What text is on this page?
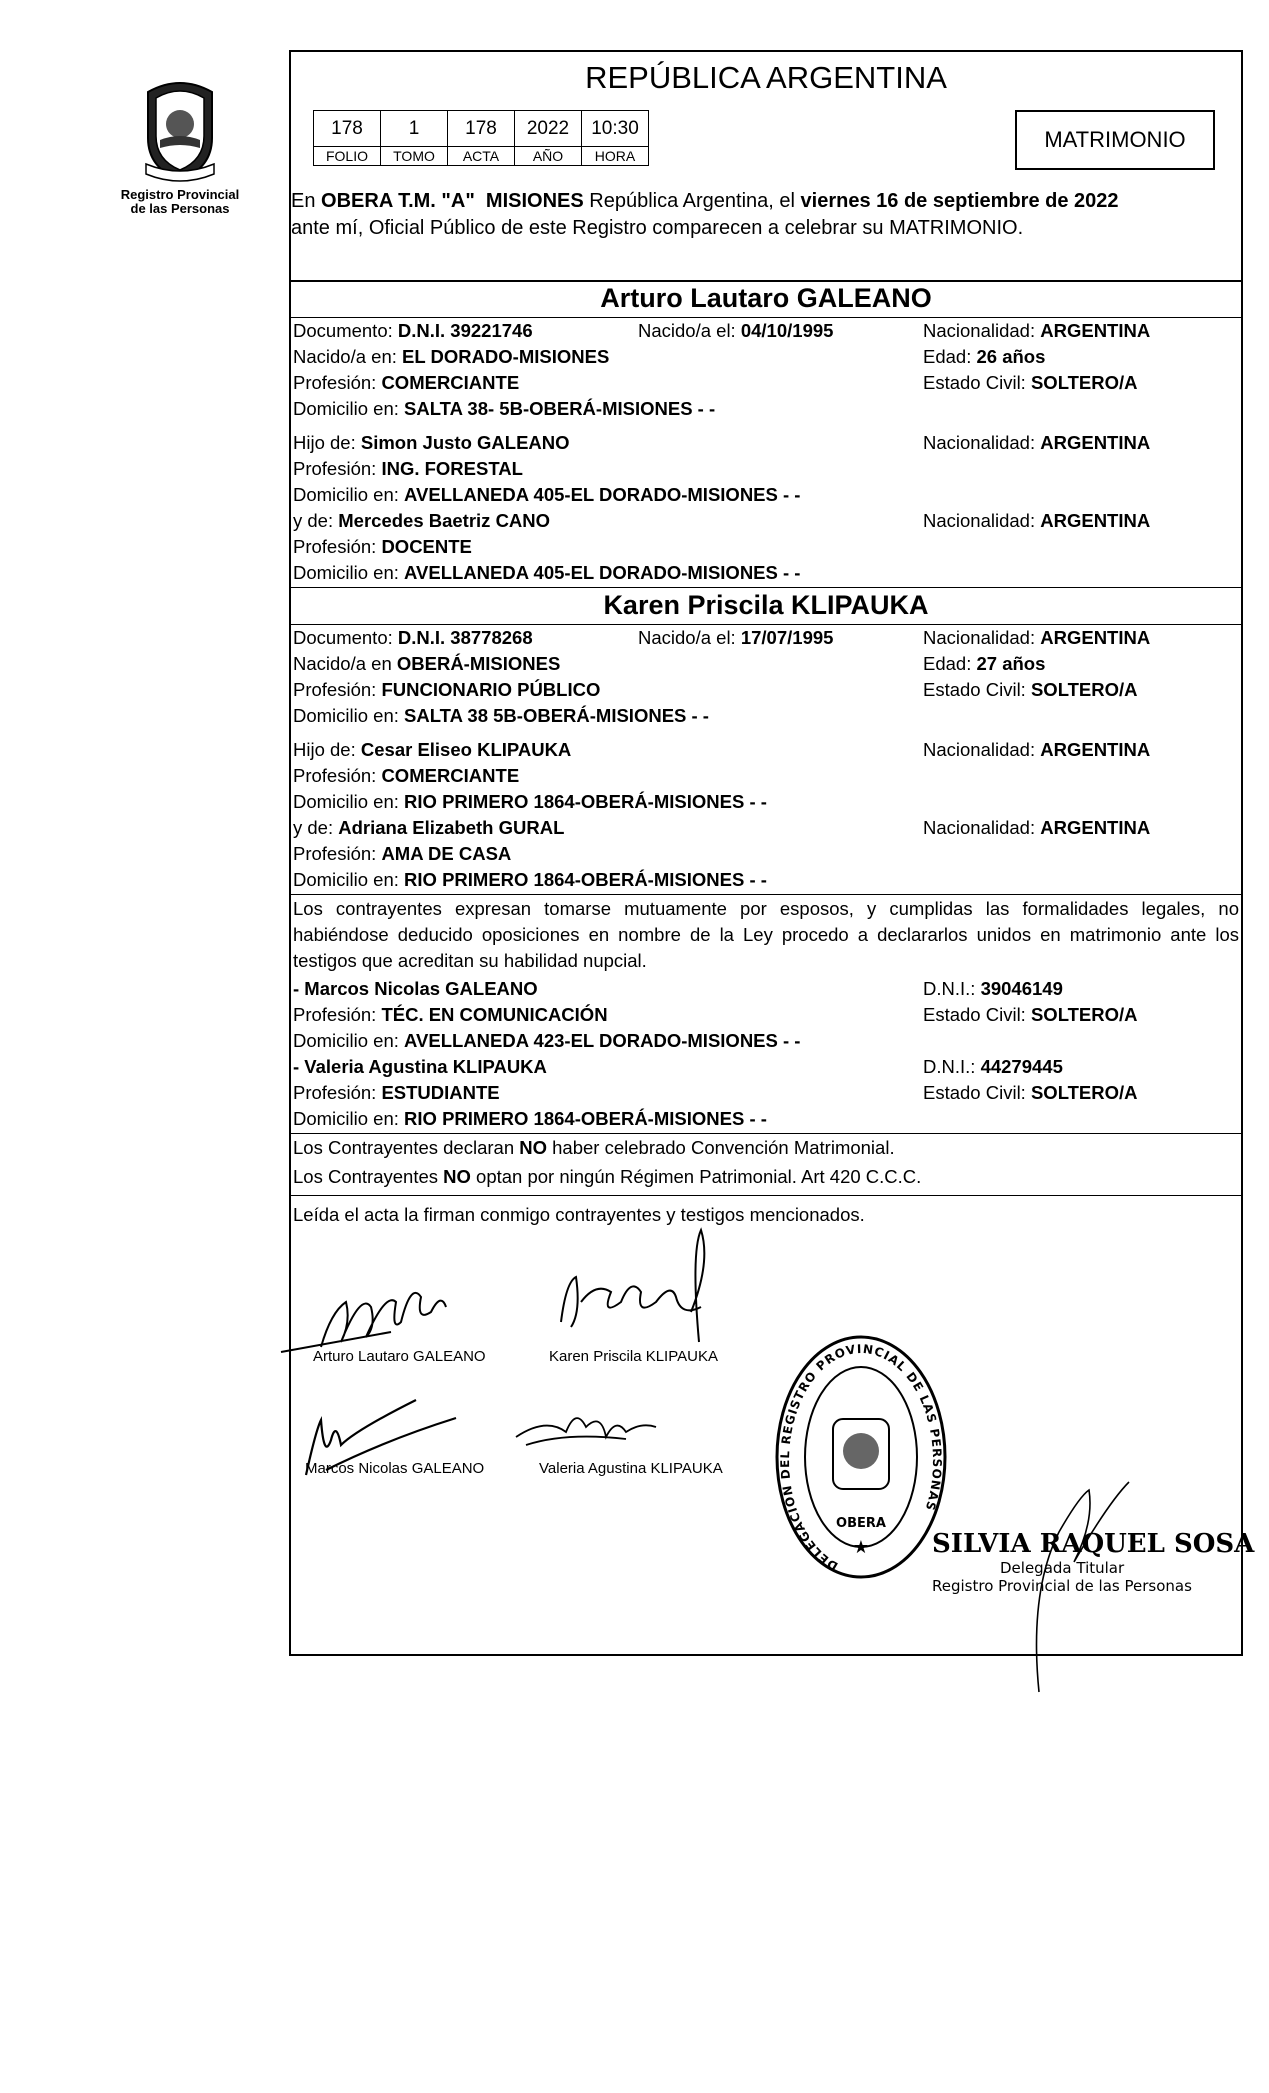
Registro Provincial
de las Personas
REPÚBLICA ARGENTINA
178	1	178	2022	10:30
FOLIO	TOMO	ACTA	AÑO	HORA
MATRIMONIO
En OBERA T.M. "A"  MISIONES República Argentina, el viernes 16 de septiembre de 2022
ante mí, Oficial Público de este Registro comparecen a celebrar su MATRIMONIO.
Arturo Lautaro GALEANO
Documento: D.N.I. 39221746	Nacido/a el: 04/10/1995	Nacionalidad: ARGENTINA
Nacido/a en: EL DORADO-MISIONES	Edad: 26 años
Profesión: COMERCIANTE	Estado Civil: SOLTERO/A
Domicilio en: SALTA 38- 5B-OBERÁ-MISIONES - -
Hijo de: Simon Justo GALEANO	Nacionalidad: ARGENTINA
Profesión: ING. FORESTAL
Domicilio en: AVELLANEDA 405-EL DORADO-MISIONES - -
y de: Mercedes Baetriz CANO	Nacionalidad: ARGENTINA
Profesión: DOCENTE
Domicilio en: AVELLANEDA 405-EL DORADO-MISIONES - -
Karen Priscila KLIPAUKA
Documento: D.N.I. 38778268	Nacido/a el: 17/07/1995	Nacionalidad: ARGENTINA
Nacido/a en OBERÁ-MISIONES	Edad: 27 años
Profesión: FUNCIONARIO PÚBLICO	Estado Civil: SOLTERO/A
Domicilio en: SALTA 38 5B-OBERÁ-MISIONES - -
Hijo de: Cesar Eliseo KLIPAUKA	Nacionalidad: ARGENTINA
Profesión: COMERCIANTE
Domicilio en: RIO PRIMERO 1864-OBERÁ-MISIONES - -
y de: Adriana Elizabeth GURAL	Nacionalidad: ARGENTINA
Profesión: AMA DE CASA
Domicilio en: RIO PRIMERO 1864-OBERÁ-MISIONES - -
Los contrayentes expresan tomarse mutuamente por esposos, y cumplidas las formalidades legales, no habiéndose deducido oposiciones en nombre de la Ley procedo a declararlos unidos en matrimonio ante los testigos que acreditan su habilidad nupcial.
- Marcos Nicolas GALEANO	D.N.I.: 39046149
Profesión: TÉC. EN COMUNICACIÓN	Estado Civil: SOLTERO/A
Domicilio en: AVELLANEDA 423-EL DORADO-MISIONES - -
- Valeria Agustina KLIPAUKA	D.N.I.: 44279445
Profesión: ESTUDIANTE	Estado Civil: SOLTERO/A
Domicilio en: RIO PRIMERO 1864-OBERÁ-MISIONES - -
Los Contrayentes declaran NO haber celebrado Convención Matrimonial.
Los Contrayentes NO optan por ningún Régimen Patrimonial. Art 420 C.C.C.
Leída el acta la firman conmigo contrayentes y testigos mencionados.
Arturo Lautaro GALEANO	Karen Priscila KLIPAUKA
Marcos Nicolas GALEANO	Valeria Agustina KLIPAUKA
DELEGACION DEL REGISTRO PROVINCIAL DE LAS PERSONAS
OBERA
★ SILVIA RAQUEL SOSA
Delegada Titular
Registro Provincial de las Personas
